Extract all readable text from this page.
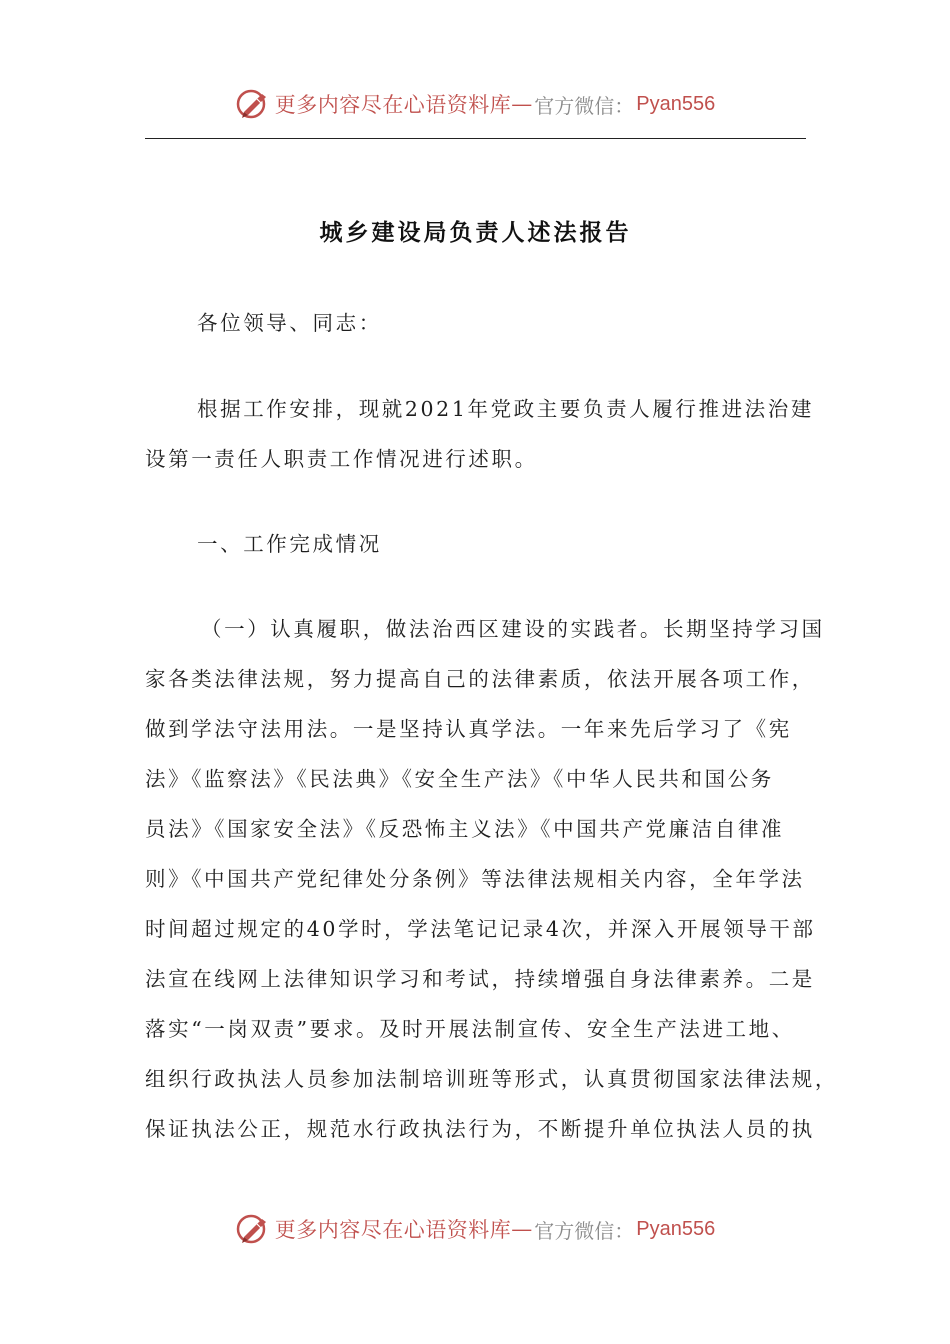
更多内容尽在心语资料库 — 官方微信： Pyan556
城乡建设局负责人述法报告
各位领导、同志：
根据工作安排，现就2021年党政主要负责人履行推进法治建
设第一责任人职责工作情况进行述职。
一、工作完成情况
（一）认真履职，做法治西区建设的实践者。长期坚持学习国
家各类法律法规，努力提高自己的法律素质，依法开展各项工作，
做到学法守法用法。一是坚持认真学法。一年来先后学习了《宪
法》《监察法》《民法典》《安全生产法》《中华人民共和国公务
员法》《国家安全法》《反恐怖主义法》《中国共产党廉洁自律准
则》《中国共产党纪律处分条例》等法律法规相关内容，全年学法
时间超过规定的40学时，学法笔记记录4次，并深入开展领导干部
法宣在线网上法律知识学习和考试，持续增强自身法律素养。二是
落实“一岗双责”要求。及时开展法制宣传、安全生产法进工地、
组织行政执法人员参加法制培训班等形式，认真贯彻国家法律法规，
保证执法公正，规范水行政执法行为，不断提升单位执法人员的执
更多内容尽在心语资料库 — 官方微信： Pyan556
